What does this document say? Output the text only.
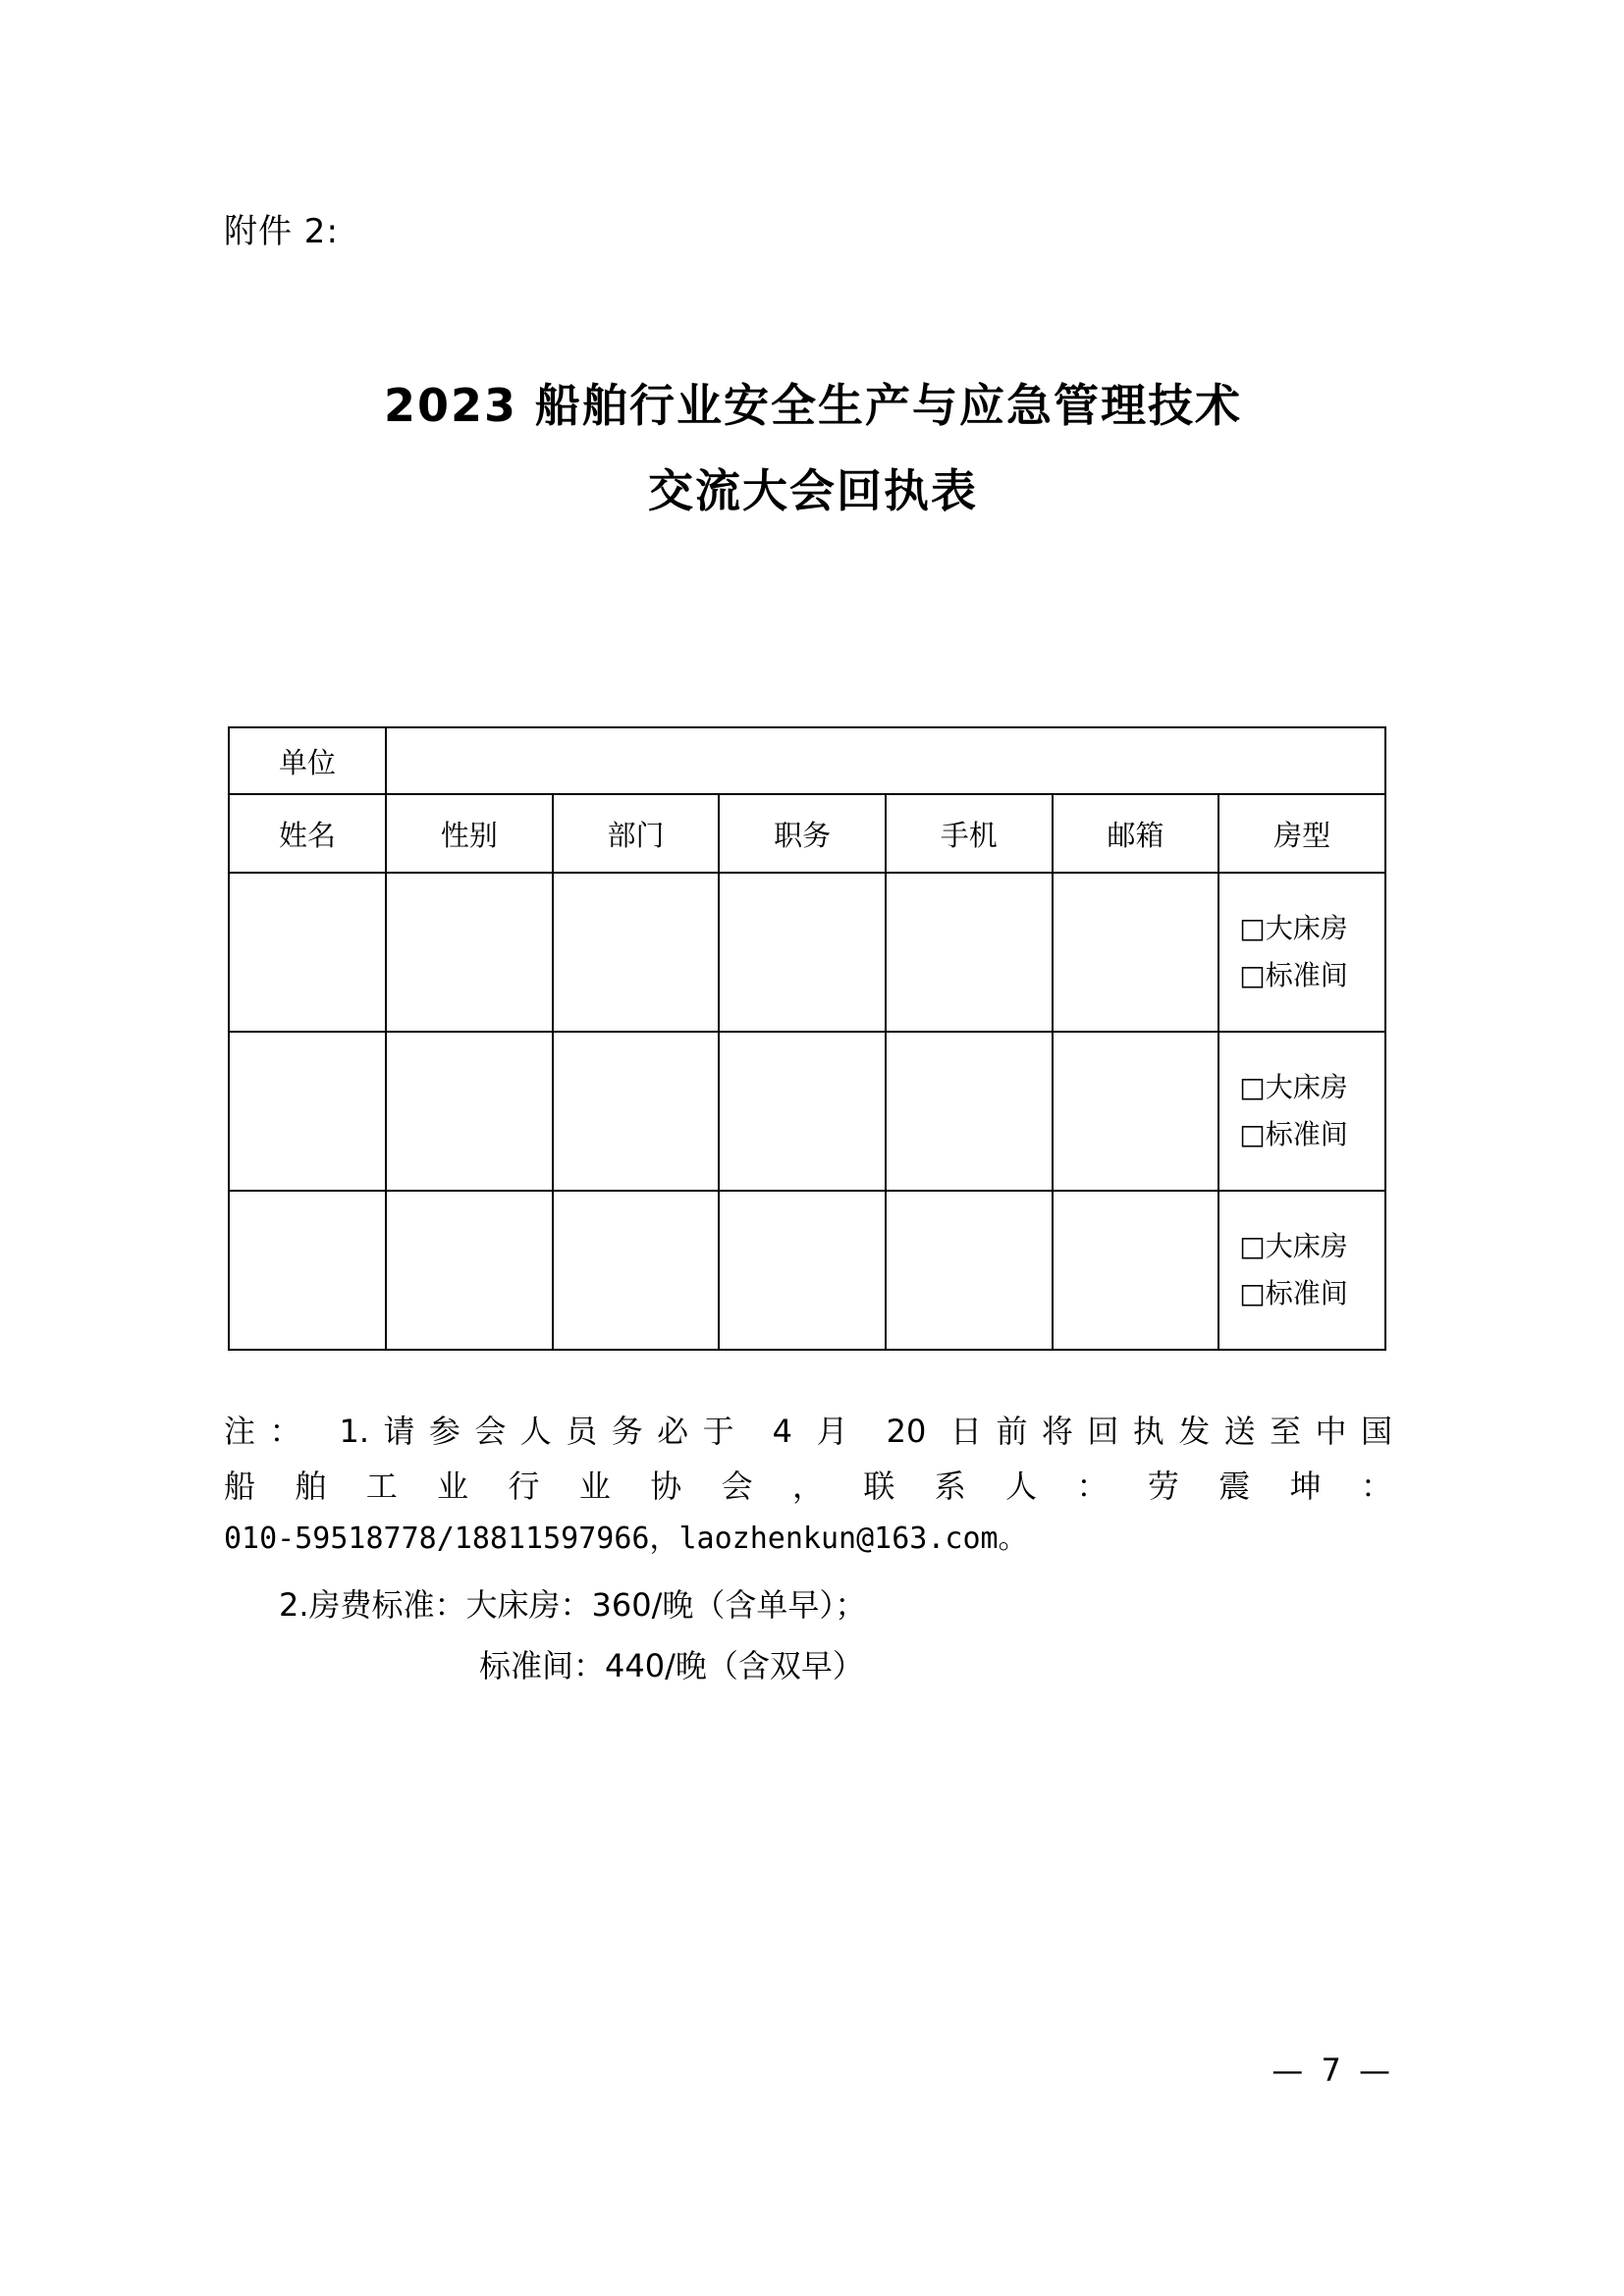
附件 2:
2023 船舶行业安全生产与应急管理技术
交流大会回执表
单位						
姓名	性别	部门	职务	手机	邮箱	房型

						□大床房
□标准间

						□大床房
□标准间

						□大床房
□标准间
注： 1.请参会人员务必于 4 月 20 日前将回执发送至中国
船 舶 工 业 行 业 协 会 ， 联 系 人 ： 劳 震 坤 ：
010-59518778/18811597966，laozhenkun@163.com。
2.房费标准：大床房：360/晚（含单早）；
标准间：440/晚（含双早）
— 7 —
